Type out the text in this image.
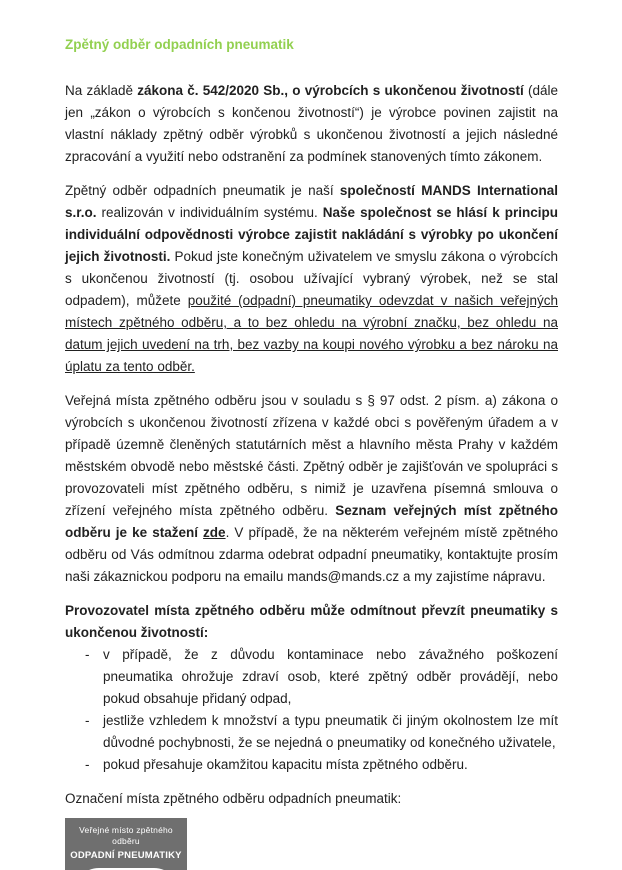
Zpětný odběr odpadních pneumatik

Na základě zákona č. 542/2020 Sb., o výrobcích s ukončenou životností (dále jen „zákon o výrobcích s končenou životností“) je výrobce povinen zajistit na vlastní náklady zpětný odběr výrobků s ukončenou životností a jejich následné zpracování a využití nebo odstranění za podmínek stanovených tímto zákonem.

Zpětný odběr odpadních pneumatik je naší společností MANDS International s.r.o. realizován v individuálním systému. Naše společnost se hlásí k principu individuální odpovědnosti výrobce zajistit nakládání s výrobky po ukončení jejich životnosti. Pokud jste konečným uživatelem ve smyslu zákona o výrobcích s ukončenou životností (tj. osobou užívající vybraný výrobek, než se stal odpadem), můžete použité (odpadní) pneumatiky odevzdat v našich veřejných místech zpětného odběru, a to bez ohledu na výrobní značku, bez ohledu na datum jejich uvedení na trh, bez vazby na koupi nového výrobku a bez nároku na úplatu za tento odběr.

Veřejná místa zpětného odběru jsou v souladu s § 97 odst. 2 písm. a) zákona o výrobcích s ukončenou životností zřízena v každé obci s pověřeným úřadem a v případě územně členěných statutárních měst a hlavního města Prahy v každém městském obvodě nebo městské části. Zpětný odběr je zajišťován ve spolupráci s provozovateli míst zpětného odběru, s nimiž je uzavřena písemná smlouva o zřízení veřejného místa zpětného odběru. Seznam veřejných míst zpětného odběru je ke stažení zde. V případě, že na některém veřejném místě zpětného odběru od Vás odmítnou zdarma odebrat odpadní pneumatiky, kontaktujte prosím naši zákaznickou podporu na emailu mands@mands.cz a my zajistíme nápravu.

Provozovatel místa zpětného odběru může odmítnout převzít pneumatiky s ukončenou životností:

-	v případě, že z důvodu kontaminace nebo závažného poškození pneumatika ohrožuje zdraví osob, které zpětný odběr provádějí, nebo pokud obsahuje přidaný odpad,
-	jestliže vzhledem k množství a typu pneumatik či jiným okolnostem lze mít důvodné pochybnosti, že se nejedná o pneumatiky od konečného uživatele,
-	pokud přesahuje okamžitou kapacitu místa zpětného odběru.

Označení místa zpětného odběru odpadních pneumatik:

Veřejné místo zpětného odběru
ODPADNÍ PNEUMATIKY
